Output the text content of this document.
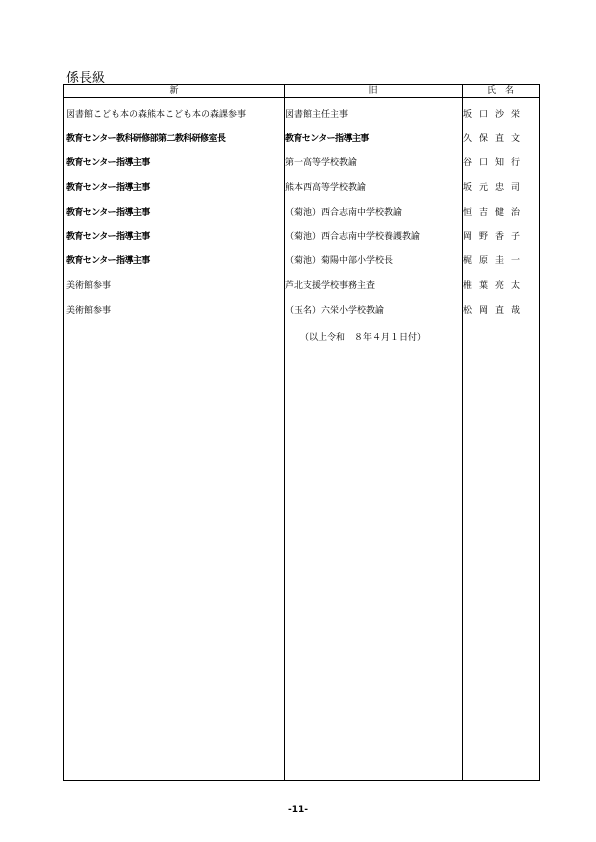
係長級
新	旧	氏　名
図書館こども本の森熊本こども本の森課参事	図書館主任主事	坂口沙栄
教育センター教科研修部第二教科研修室長	教育センター指導主事	久保直文
教育センター指導主事	第一高等学校教諭	谷口知行
教育センター指導主事	熊本西高等学校教諭	坂元忠司
教育センター指導主事	（菊池）西合志南中学校教諭	恒吉健治
教育センター指導主事	（菊池）西合志南中学校養護教諭	岡野香子
教育センター指導主事	（菊池）菊陽中部小学校長	梶原圭一
美術館参事	芦北支援学校事務主査	椎葉亮太
美術館参事	（玉名）六栄小学校教諭	松岡直哉
（以上令和　８年４月１日付）
-11-
